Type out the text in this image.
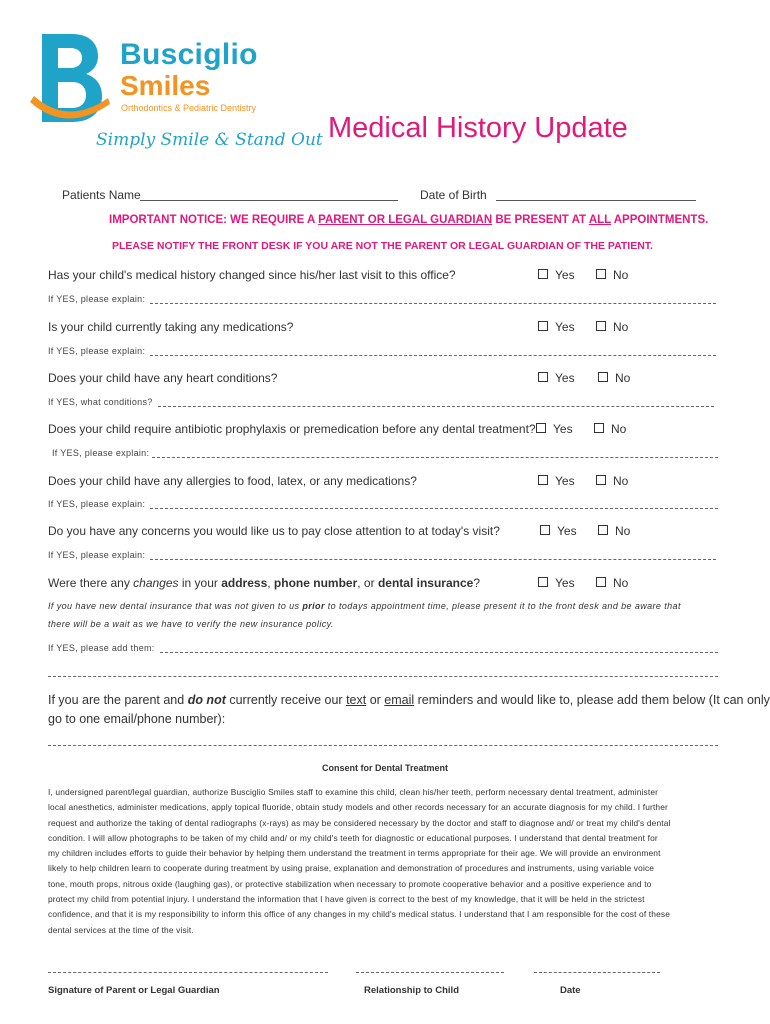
Busciglio
Smiles
Orthodontics & Pediatric Dentistry
Simply Smile & Stand Out Medical History Update
Patients Name	Date of Birth
IMPORTANT NOTICE: WE REQUIRE A PARENT OR LEGAL GUARDIAN BE PRESENT AT ALL APPOINTMENTS.
PLEASE NOTIFY THE FRONT DESK IF YOU ARE NOT THE PARENT OR LEGAL GUARDIAN OF THE PATIENT.
Has your child's medical history changed since his/her last visit to this office?	Yes	No
If YES, please explain:
Is your child currently taking any medications?	Yes	No
If YES, please explain:
Does your child have any heart conditions?	Yes	No
If YES, what conditions?
Does your child require antibiotic prophylaxis or premedication before any dental treatment?	Yes	No
If YES, please explain:
Does your child have any allergies to food, latex, or any medications?	Yes	No
If YES, please explain:
Do you have any concerns you would like us to pay close attention to at today's visit?	Yes	No
If YES, please explain:
Were there any changes in your address, phone number, or dental insurance?	Yes	No
If you have new dental insurance that was not given to us prior to todays appointment time, please present it to the front desk and be aware that
there will be a wait as we have to verify the new insurance policy.
If YES, please add them:
If you are the parent and do not currently receive our text or email reminders and would like to, please add them below (It can only
go to one email/phone number):
Consent for Dental Treatment
I, undersigned parent/legal guardian, authorize Busciglio Smiles staff to examine this child, clean his/her teeth, perform necessary dental treatment, administer
local anesthetics, administer medications, apply topical fluoride, obtain study models and other records necessary for an accurate diagnosis for my child. I further
request and authorize the taking of dental radiographs (x-rays) as may be considered necessary by the doctor and staff to diagnose and/ or treat my child's dental
condition. I will allow photographs to be taken of my child and/ or my child's teeth for diagnostic or educational purposes. I understand that dental treatment for
my children includes efforts to guide their behavior by helping them understand the treatment in terms appropriate for their age. We will provide an environment
likely to help children learn to cooperate during treatment by using praise, explanation and demonstration of procedures and instruments, using variable voice
tone, mouth props, nitrous oxide (laughing gas), or protective stabilization when necessary to promote cooperative behavior and a positive experience and to
protect my child from potential injury. I understand the information that I have given is correct to the best of my knowledge, that it will be held in the strictest
confidence, and that it is my responsibility to inform this office of any changes in my child's medical status. I understand that I am responsible for the cost of these
dental services at the time of the visit.
Signature of Parent or Legal Guardian	Relationship to Child	Date
